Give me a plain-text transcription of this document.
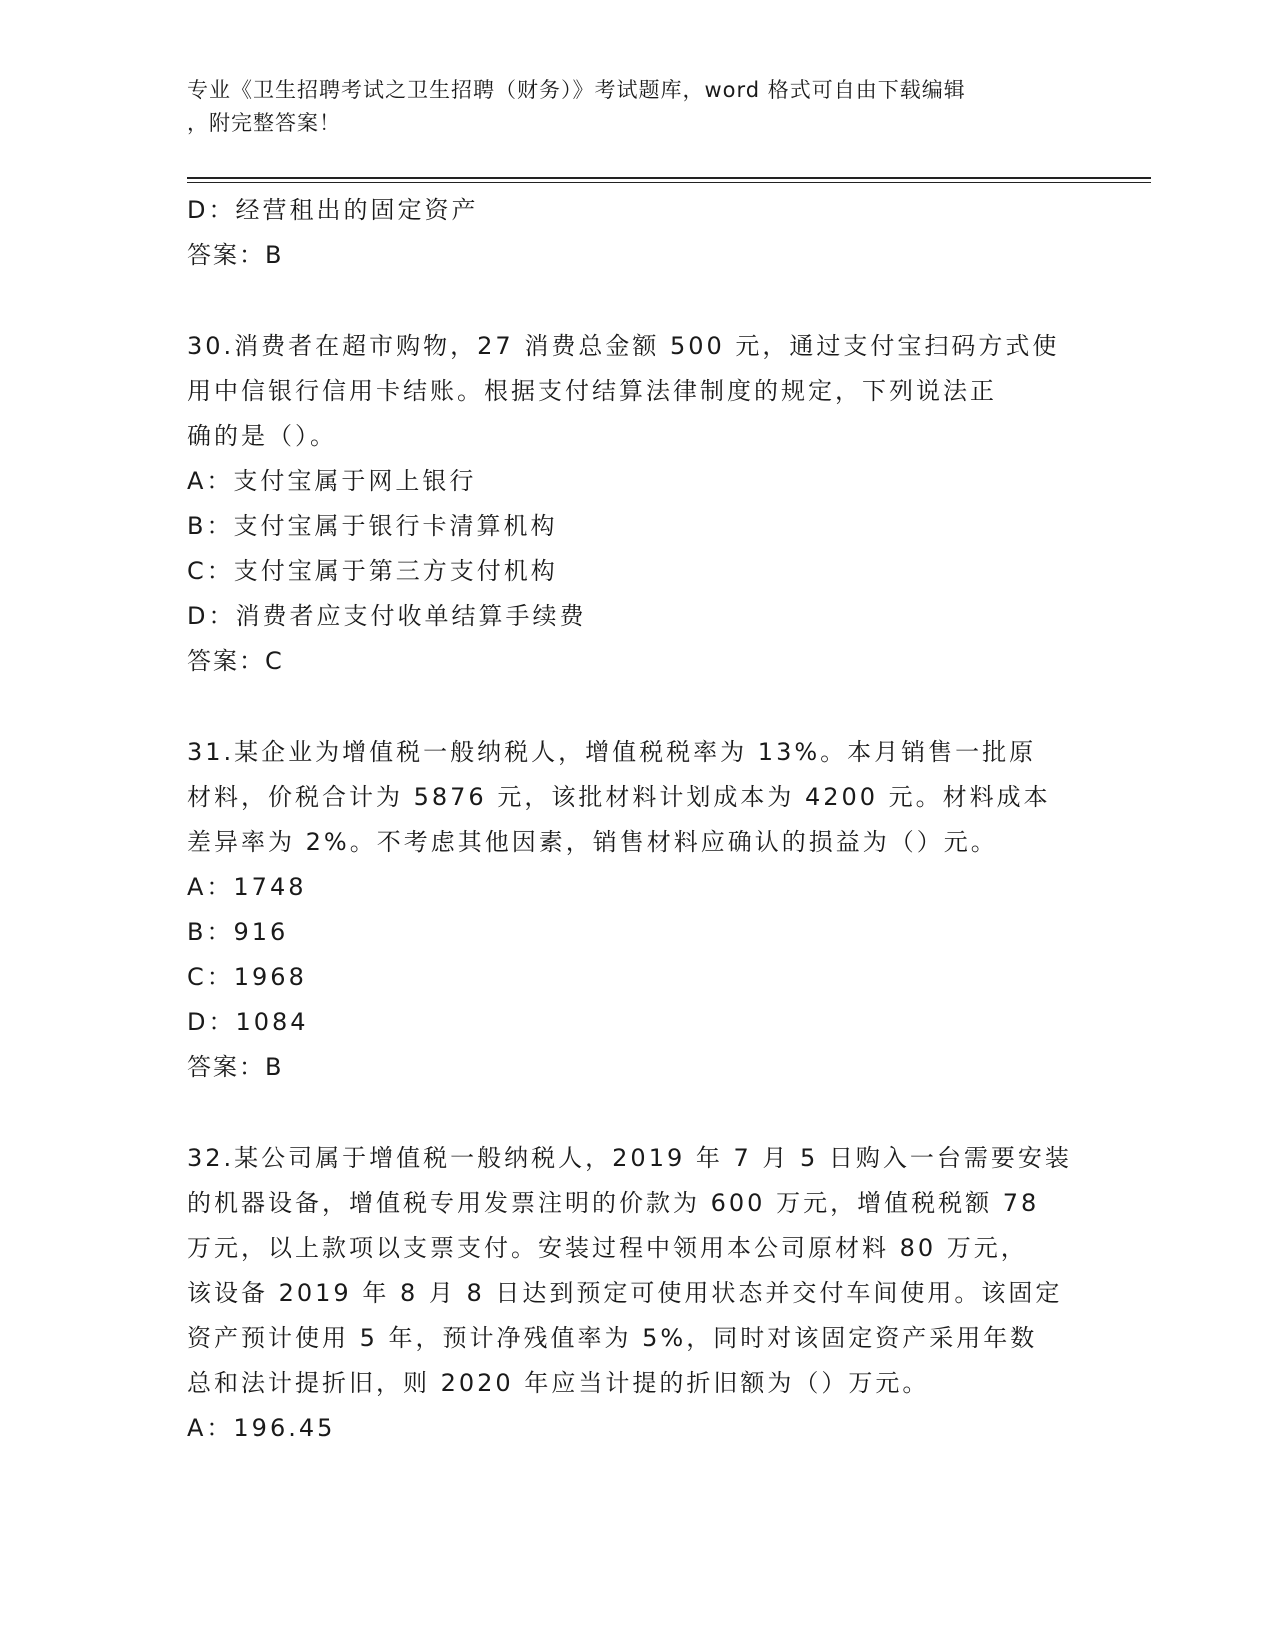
专业《卫生招聘考试之卫生招聘（财务）》考试题库，word 格式可自由下载编辑
，附完整答案！
D：经营租出的固定资产
答案：B
30.消费者在超市购物，27 消费总金额 500 元，通过支付宝扫码方式使
用中信银行信用卡结账。根据支付结算法律制度的规定，下列说法正
确的是（）。
A：支付宝属于网上银行
B：支付宝属于银行卡清算机构
C：支付宝属于第三方支付机构
D：消费者应支付收单结算手续费
答案：C
31.某企业为增值税一般纳税人，增值税税率为 13%。本月销售一批原
材料，价税合计为 5876 元，该批材料计划成本为 4200 元。材料成本
差异率为 2%。不考虑其他因素，销售材料应确认的损益为（）元。
A：1748
B：916
C：1968
D：1084
答案：B
32.某公司属于增值税一般纳税人，2019 年 7 月 5 日购入一台需要安装
的机器设备，增值税专用发票注明的价款为 600 万元，增值税税额 78
万元，以上款项以支票支付。安装过程中领用本公司原材料 80 万元，
该设备 2019 年 8 月 8 日达到预定可使用状态并交付车间使用。该固定
资产预计使用 5 年，预计净残值率为 5%，同时对该固定资产采用年数
总和法计提折旧，则 2020 年应当计提的折旧额为（）万元。
A：196.45
